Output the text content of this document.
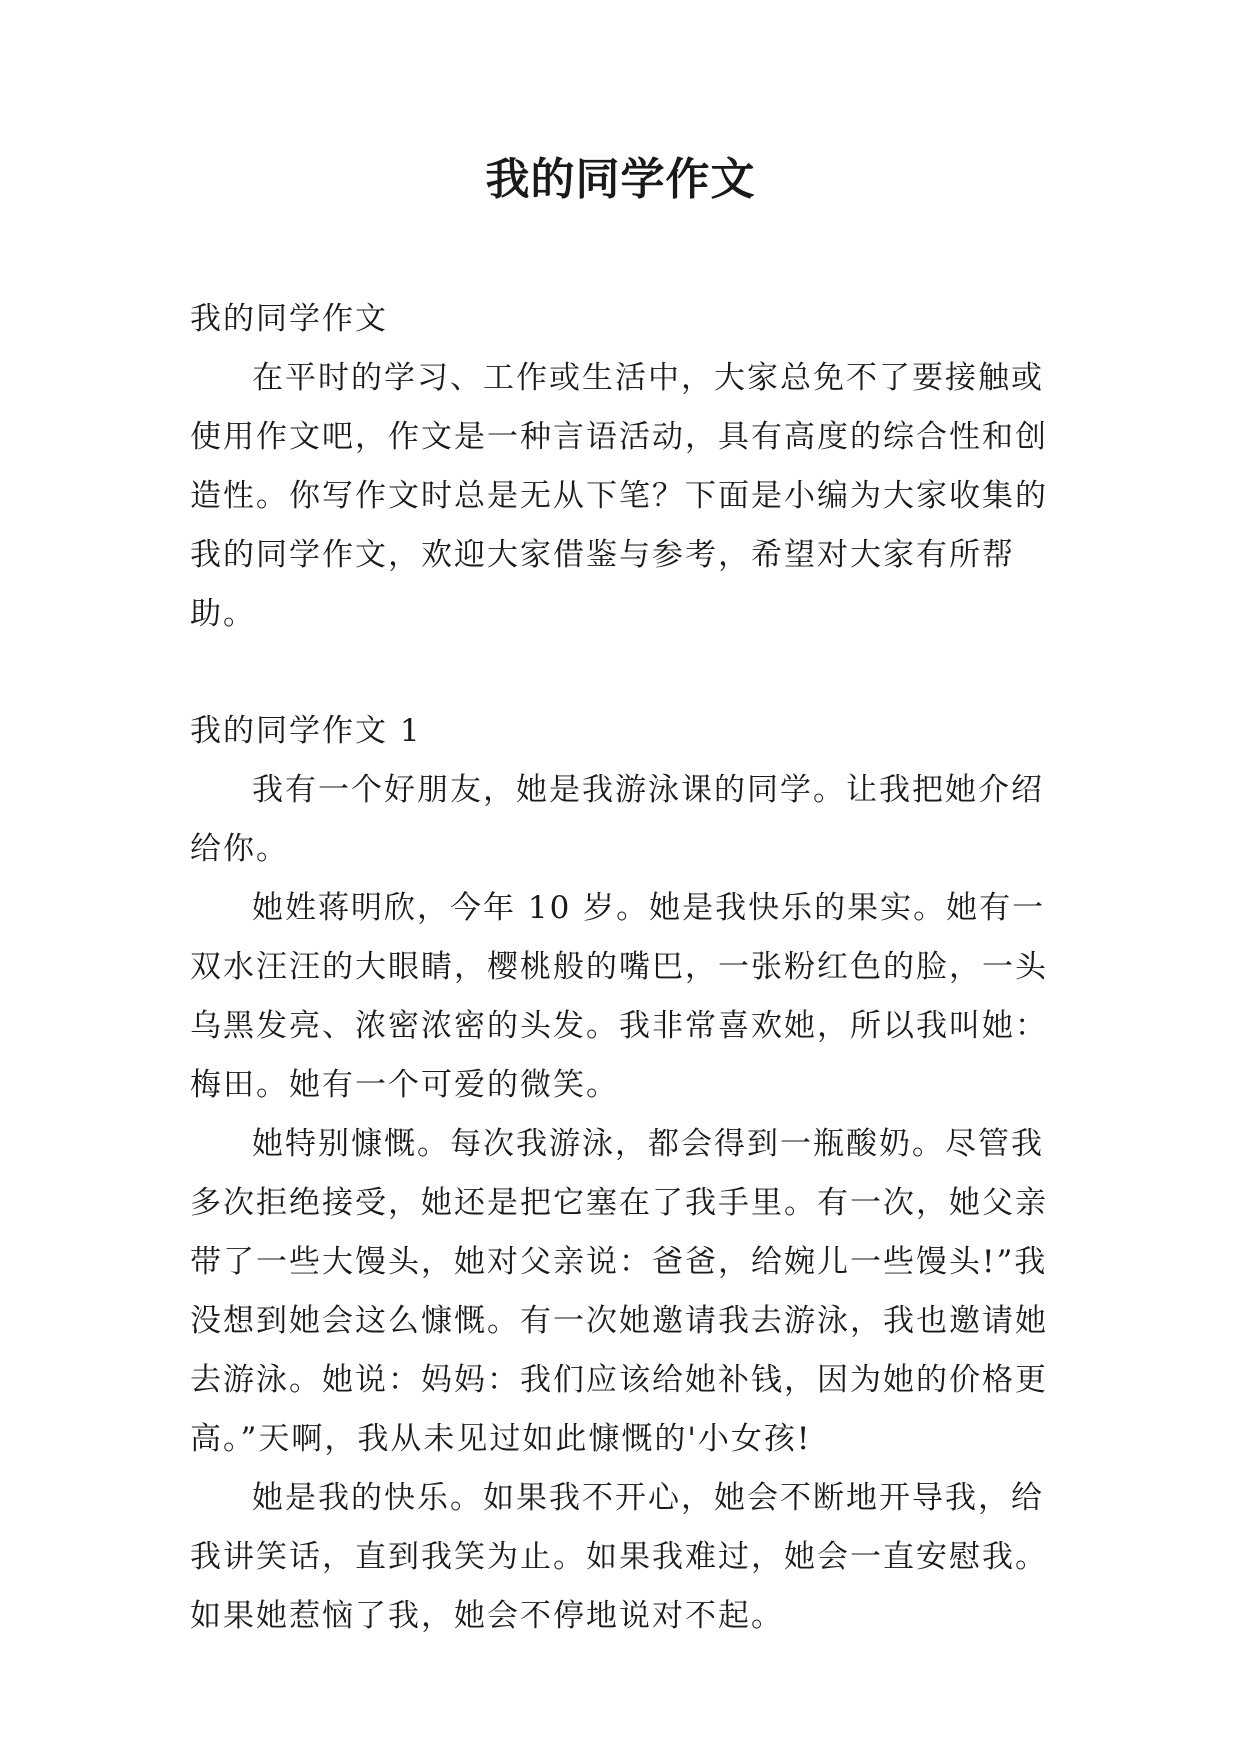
我的同学作文

我的同学作文

在平时的学习、工作或生活中，大家总免不了要接触或使用作文吧，作文是一种言语活动，具有高度的综合性和创造性。你写作文时总是无从下笔？下面是小编为大家收集的我的同学作文，欢迎大家借鉴与参考，希望对大家有所帮助。

我的同学作文 1

我有一个好朋友，她是我游泳课的同学。让我把她介绍给你。

她姓蒋明欣，今年 10 岁。她是我快乐的果实。她有一双水汪汪的大眼睛，樱桃般的嘴巴，一张粉红色的脸，一头乌黑发亮、浓密浓密的头发。我非常喜欢她，所以我叫她：梅田。她有一个可爱的微笑。

她特别慷慨。每次我游泳，都会得到一瓶酸奶。尽管我多次拒绝接受，她还是把它塞在了我手里。有一次，她父亲带了一些大馒头，她对父亲说：爸爸，给婉儿一些馒头!”我没想到她会这么慷慨。有一次她邀请我去游泳，我也邀请她去游泳。她说：妈妈：我们应该给她补钱，因为她的价格更高。”天啊，我从未见过如此慷慨的'小女孩!

她是我的快乐。如果我不开心，她会不断地开导我，给我讲笑话，直到我笑为止。如果我难过，她会一直安慰我。如果她惹恼了我，她会不停地说对不起。
